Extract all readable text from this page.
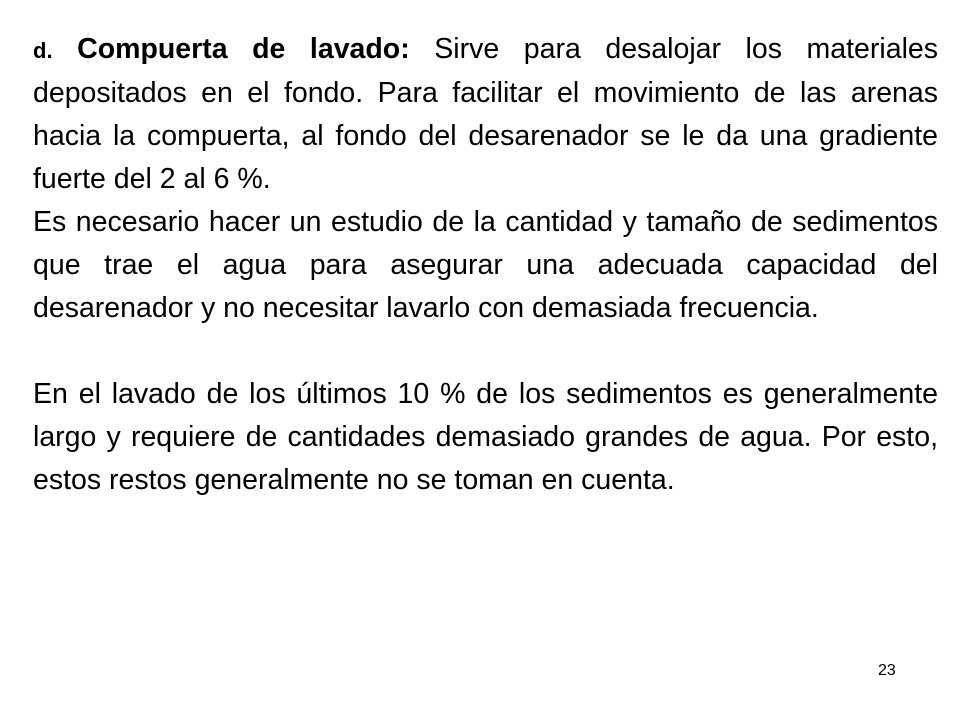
d. Compuerta de lavado: Sirve para desalojar los materiales depositados en el fondo. Para facilitar el movimiento de las arenas hacia la compuerta, al fondo del desarenador se le da una gradiente fuerte del 2 al 6 %.

Es necesario hacer un estudio de la cantidad y tamaño de sedimentos que trae el agua para asegurar una adecuada capacidad del desarenador y no necesitar lavarlo con demasiada frecuencia.

En el lavado de los últimos 10 % de los sedimentos es generalmente largo y requiere de cantidades demasiado grandes de agua. Por esto, estos restos generalmente no se toman en cuenta.

23
